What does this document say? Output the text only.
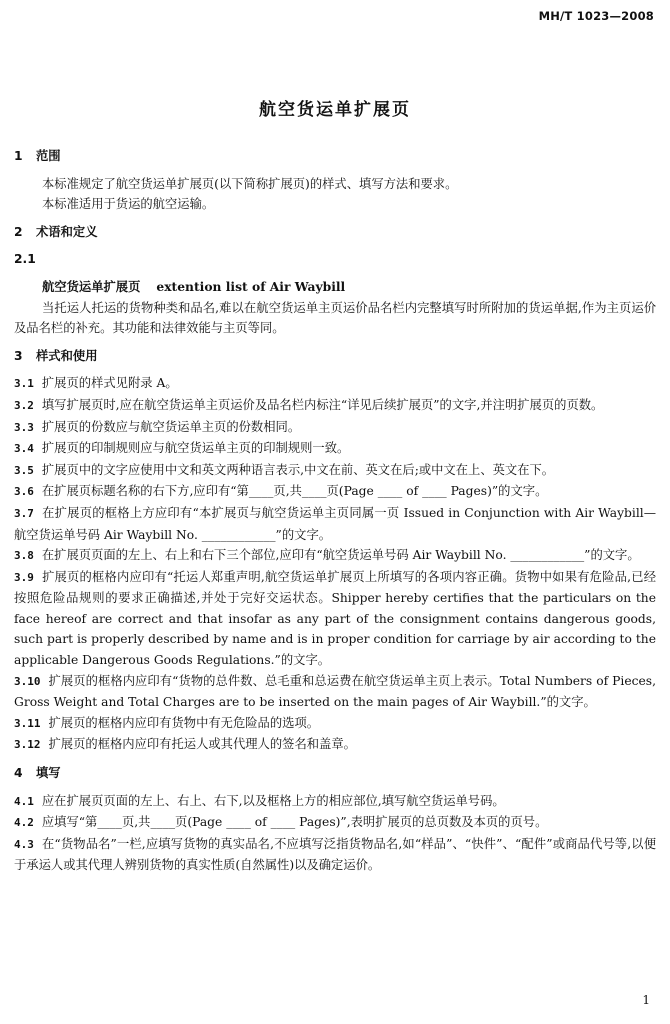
MH/T 1023—2008
航空货运单扩展页
1 范围

本标准规定了航空货运单扩展页(以下简称扩展页)的样式、填写方法和要求。

本标准适用于货运的航空运输。

2 术语和定义
2.1
航空货运单扩展页 extention list of Air Waybill

当托运人托运的货物种类和品名,难以在航空货运单主页运价品名栏内完整填写时所附加的货运单据,作为主页运价及品名栏的补充。其功能和法律效能与主页等同。

3 样式和使用

3.1 扩展页的样式见附录 A。

3.2 填写扩展页时,应在航空货运单主页运价及品名栏内标注“详见后续扩展页”的文字,并注明扩展页的页数。

3.3 扩展页的份数应与航空货运单主页的份数相同。

3.4 扩展页的印制规则应与航空货运单主页的印制规则一致。

3.5 扩展页中的文字应使用中文和英文两种语言表示,中文在前、英文在后;或中文在上、英文在下。

3.6 在扩展页标题名称的右下方,应印有“第____页,共____页(Page ____ of ____ Pages)”的文字。

3.7 在扩展页的框格上方应印有“本扩展页与航空货运单主页同属一页 Issued in Conjunction with Air Waybill—航空货运单号码 Air Waybill No. ____________”的文字。

3.8 在扩展页页面的左上、右上和右下三个部位,应印有“航空货运单号码 Air Waybill No. ____________”的文字。

3.9 扩展页的框格内应印有“托运人郑重声明,航空货运单扩展页上所填写的各项内容正确。货物中如果有危险品,已经按照危险品规则的要求正确描述,并处于完好交运状态。Shipper hereby certifies that the particulars on the face hereof are correct and that insofar as any part of the consignment contains dangerous goods, such part is properly described by name and is in proper condition for carriage by air according to the applicable Dangerous Goods Regulations.”的文字。

3.10 扩展页的框格内应印有“货物的总件数、总毛重和总运费在航空货运单主页上表示。Total Numbers of Pieces, Gross Weight and Total Charges are to be inserted on the main pages of Air Waybill.”的文字。

3.11 扩展页的框格内应印有货物中有无危险品的选项。

3.12 扩展页的框格内应印有托运人或其代理人的签名和盖章。

4 填写

4.1 应在扩展页页面的左上、右上、右下,以及框格上方的相应部位,填写航空货运单号码。

4.2 应填写“第____页,共____页(Page ____ of ____ Pages)”,表明扩展页的总页数及本页的页号。

4.3 在“货物品名”一栏,应填写货物的真实品名,不应填写泛指货物品名,如“样品”、“快件”、“配件”或商品代号等,以便于承运人或其代理人辨别货物的真实性质(自然属性)以及确定运价。

1
